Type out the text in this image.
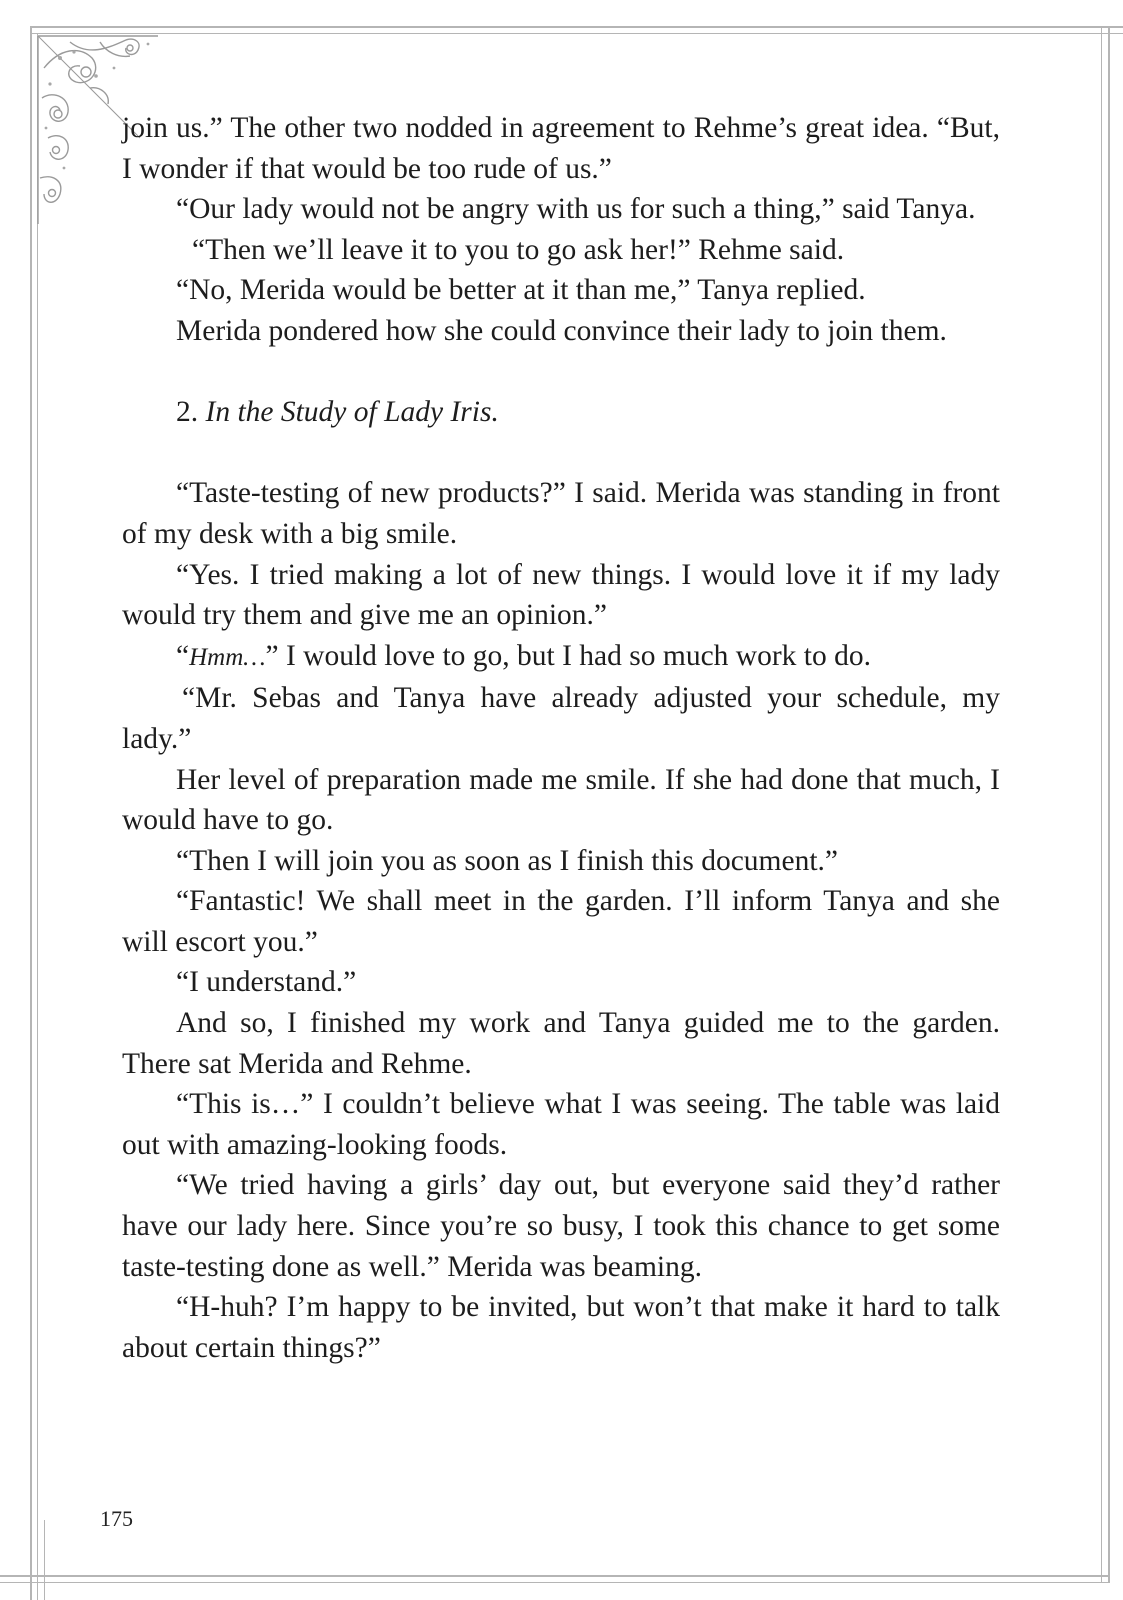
join us.” The other two nodded in agreement to Rehme’s great idea. “But, I wonder if that would be too rude of us.”

“Our lady would not be angry with us for such a thing,” said Tanya.

“Then we’ll leave it to you to go ask her!” Rehme said.

“No, Merida would be better at it than me,” Tanya replied.

Merida pondered how she could convince their lady to join them.

2. In the Study of Lady Iris.

“Taste-testing of new products?” I said. Merida was standing in front of my desk with a big smile.

“Yes. I tried making a lot of new things. I would love it if my lady would try them and give me an opinion.”

“Hmm…” I would love to go, but I had so much work to do.

“Mr. Sebas and Tanya have already adjusted your schedule, my lady.”

Her level of preparation made me smile. If she had done that much, I would have to go.

“Then I will join you as soon as I finish this document.”

“Fantastic! We shall meet in the garden. I’ll inform Tanya and she will escort you.”

“I understand.”

And so, I finished my work and Tanya guided me to the garden. There sat Merida and Rehme.

“This is…” I couldn’t believe what I was seeing. The table was laid out with amazing-looking foods.

“We tried having a girls’ day out, but everyone said they’d rather have our lady here. Since you’re so busy, I took this chance to get some taste-testing done as well.” Merida was beaming.

“H-huh? I’m happy to be invited, but won’t that make it hard to talk about certain things?”

175
